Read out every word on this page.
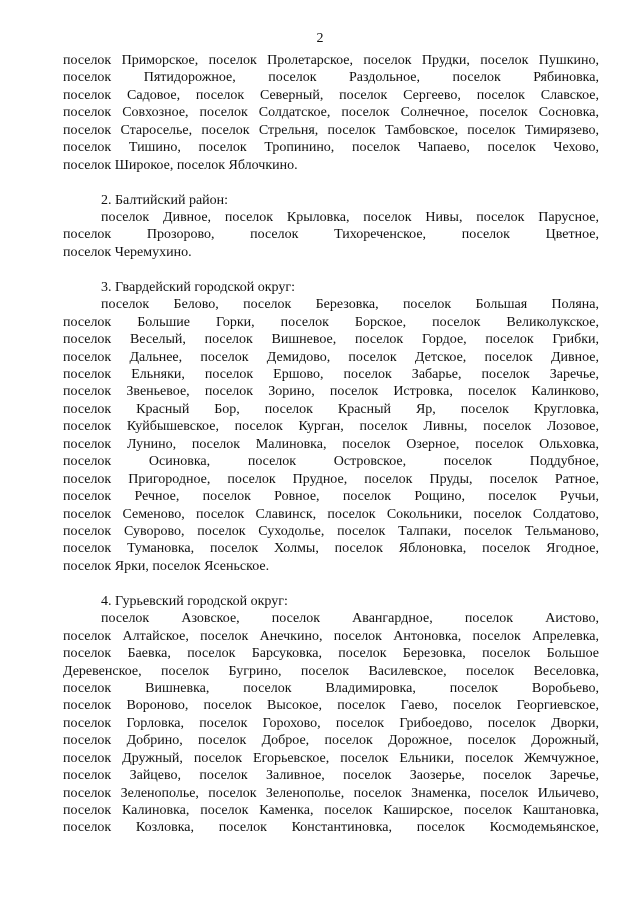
2
поселок Приморское, поселок Пролетарское, поселок Прудки, поселок Пушкино,
поселок Пятидорожное, поселок Раздольное, поселок Рябиновка,
поселок Садовое, поселок Северный, поселок Сергеево, поселок Славское,
поселок Совхозное, поселок Солдатское, поселок Солнечное, поселок Сосновка,
поселок Староселье, поселок Стрельня, поселок Тамбовское, поселок Тимирязево,
поселок Тишино, поселок Тропинино, поселок Чапаево, поселок Чехово,
поселок Широкое, поселок Яблочкино.
2. Балтийский район:
поселок Дивное, поселок Крыловка, поселок Нивы, поселок Парусное,
поселок Прозорово, поселок Тихореченское, поселок Цветное,
поселок Черемухино.
3. Гвардейский городской округ:
поселок Белово, поселок Березовка, поселок Большая Поляна,
поселок Большие Горки, поселок Борское, поселок Великолукское,
поселок Веселый, поселок Вишневое, поселок Гордое, поселок Грибки,
поселок Дальнее, поселок Демидово, поселок Детское, поселок Дивное,
поселок Ельняки, поселок Ершово, поселок Забарье, поселок Заречье,
поселок Звеньевое, поселок Зорино, поселок Истровка, поселок Калинково,
поселок Красный Бор, поселок Красный Яр, поселок Кругловка,
поселок Куйбышевское, поселок Курган, поселок Ливны, поселок Лозовое,
поселок Лунино, поселок Малиновка, поселок Озерное, поселок Ольховка,
поселок Осиновка, поселок Островское, поселок Поддубное,
поселок Пригородное, поселок Прудное, поселок Пруды, поселок Ратное,
поселок Речное, поселок Ровное, поселок Рощино, поселок Ручьи,
поселок Семеново, поселок Славинск, поселок Сокольники, поселок Солдатово,
поселок Суворово, поселок Суходолье, поселок Талпаки, поселок Тельманово,
поселок Тумановка, поселок Холмы, поселок Яблоновка, поселок Ягодное,
поселок Ярки, поселок Ясеньское.
4. Гурьевский городской округ:
поселок Азовское, поселок Авангардное, поселок Аистово,
поселок Алтайское, поселок Анечкино, поселок Антоновка, поселок Апрелевка,
поселок Баевка, поселок Барсуковка, поселок Березовка, поселок Большое
Деревенское, поселок Бугрино, поселок Василевское, поселок Веселовка,
поселок Вишневка, поселок Владимировка, поселок Воробьево,
поселок Вороново, поселок Высокое, поселок Гаево, поселок Георгиевское,
поселок Горловка, поселок Горохово, поселок Грибоедово, поселок Дворки,
поселок Добрино, поселок Доброе, поселок Дорожное, поселок Дорожный,
поселок Дружный, поселок Егорьевское, поселок Ельники, поселок Жемчужное,
поселок Зайцево, поселок Заливное, поселок Заозерье, поселок Заречье,
поселок Зеленополье, поселок Зеленополье, поселок Знаменка, поселок Ильичево,
поселок Калиновка, поселок Каменка, поселок Каширское, поселок Каштановка,
поселок Козловка, поселок Константиновка, поселок Космодемьянское,
